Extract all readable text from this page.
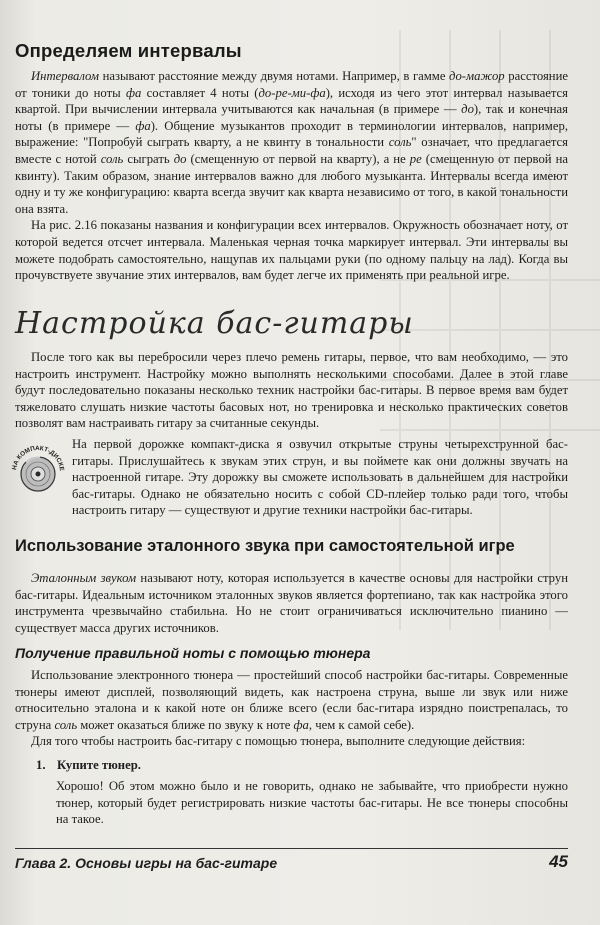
Определяем интервалы

Интервалом называют расстояние между двумя нотами. Например, в гамме до-мажор расстояние от тоники до ноты фа составляет 4 ноты (до-ре-ми-фа), исходя из чего этот интервал называется квартой. При вычислении интервала учитываются как начальная (в примере — до), так и конечная ноты (в примере — фа). Общение музыкантов проходит в терминологии интервалов, например, выражение: "Попробуй сыграть кварту, а не квинту в тональности соль" означает, что предлагается вместе с нотой соль сыграть до (смещенную от первой на кварту), а не ре (смещенную от первой на квинту). Таким образом, знание интервалов важно для любого музыканта. Интервалы всегда имеют одну и ту же конфигурацию: кварта всегда звучит как кварта независимо от того, в какой тональности она взята.

На рис. 2.16 показаны названия и конфигурации всех интервалов. Окружность обозначает ноту, от которой ведется отсчет интервала. Маленькая черная точка маркирует интервал. Эти интервалы вы можете подобрать самостоятельно, нащупав их пальцами руки (по одному пальцу на лад). Когда вы прочувствуете звучание этих интервалов, вам будет легче их применять при реальной игре.

Настройка бас-гитары

После того как вы перебросили через плечо ремень гитары, первое, что вам необходимо, — это настроить инструмент. Настройку можно выполнять несколькими способами. Далее в этой главе будут последовательно показаны несколько техник настройки бас-гитары. В первое время вам будет тяжеловато слушать низкие частоты басовых нот, но тренировка и несколько практических советов позволят вам настраивать гитару за считанные секунды.

НА КОМПАКТ-ДИСКЕ

На первой дорожке компакт-диска я озвучил открытые струны четырехструнной бас-гитары. Прислушайтесь к звукам этих струн, и вы поймете как они должны звучать на настроенной гитаре. Эту дорожку вы сможете использовать в дальнейшем для настройки бас-гитары. Однако не обязательно носить с собой CD-плейер только ради того, чтобы настроить гитару — существуют и другие техники настройки бас-гитары.

Использование эталонного звука при самостоятельной игре

Эталонным звуком называют ноту, которая используется в качестве основы для настройки струн бас-гитары. Идеальным источником эталонных звуков является фортепиано, так как настройка этого инструмента чрезвычайно стабильна. Но не стоит ограничиваться исключительно пианино — существует масса других источников.

Получение правильной ноты с помощью тюнера

Использование электронного тюнера — простейший способ настройки бас-гитары. Современные тюнеры имеют дисплей, позволяющий видеть, как настроена струна, выше ли звук или ниже относительно эталона и к какой ноте он ближе всего (если бас-гитара изрядно поистрепалась, то струна соль может оказаться ближе по звуку к ноте фа, чем к самой себе).

Для того чтобы настроить бас-гитару с помощью тюнера, выполните следующие действия:

1. Купите тюнер.

Хорошо! Об этом можно было и не говорить, однако не забывайте, что приобрести нужно тюнер, который будет регистрировать низкие частоты бас-гитары. Не все тюнеры способны на такое.

Глава 2. Основы игры на бас-гитаре	45
